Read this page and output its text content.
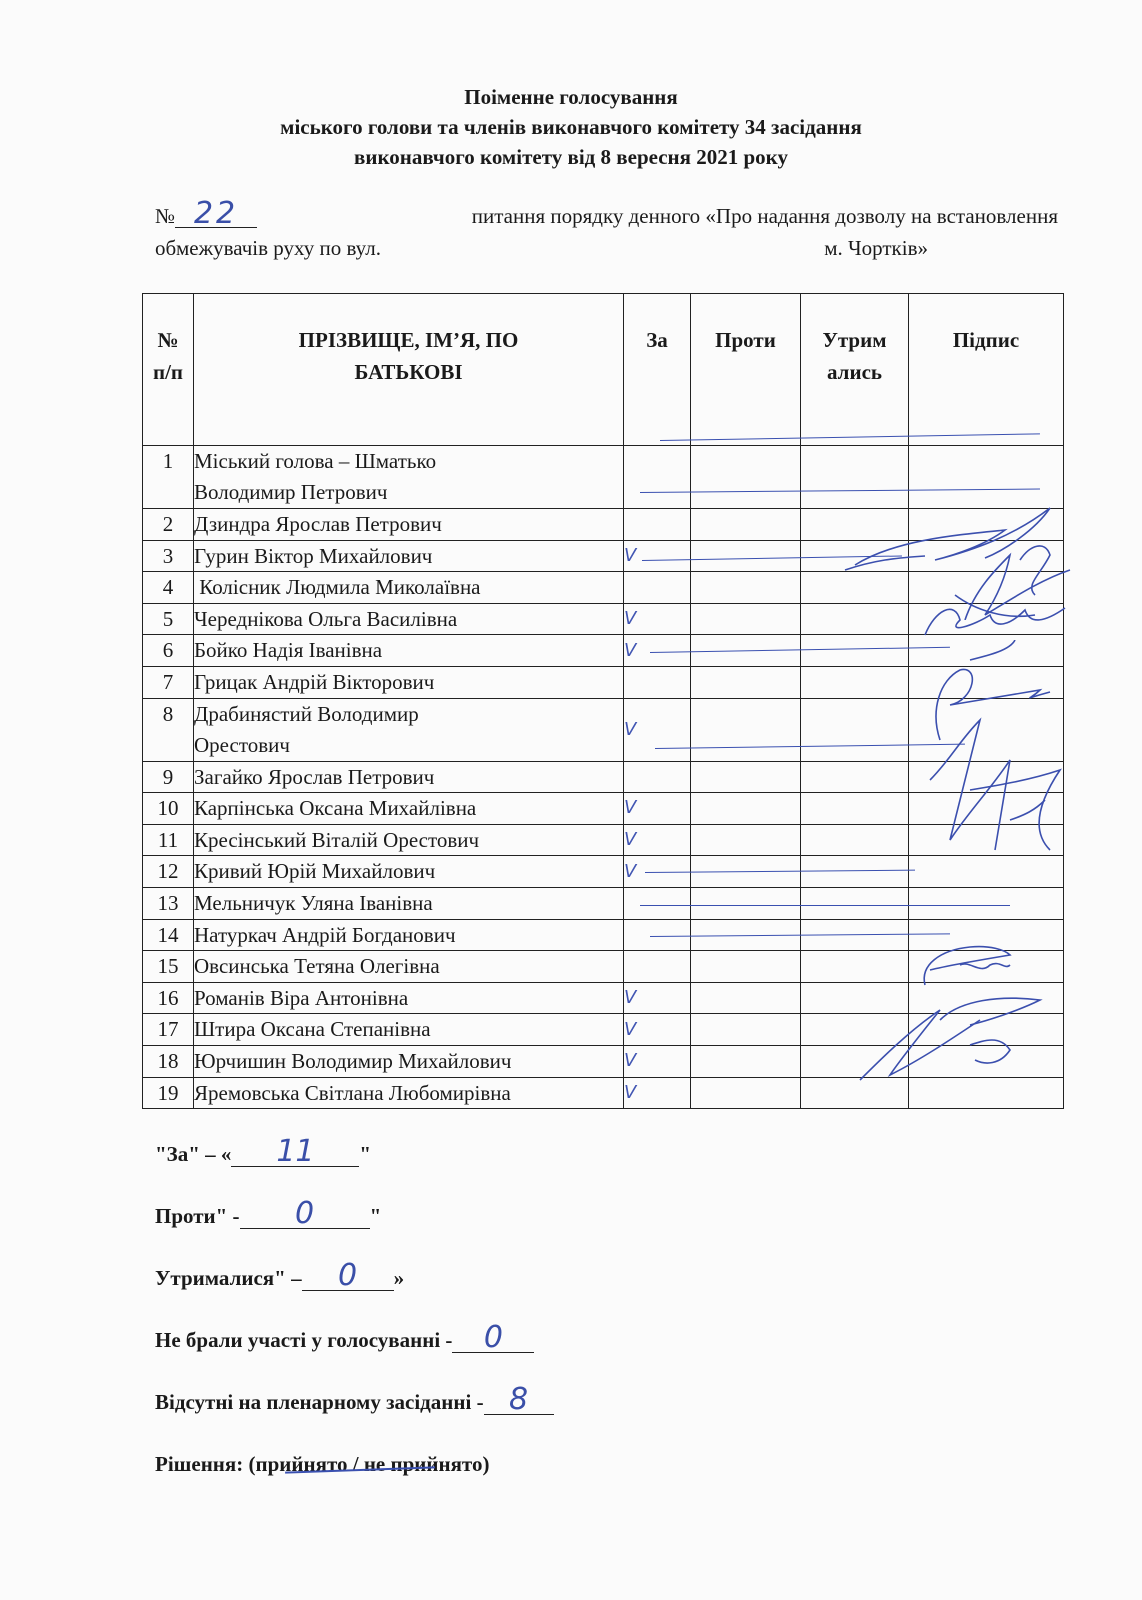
Поіменне голосування
міського голови та членів виконавчого комітету 34 засідання
виконавчого комітету від 8 вересня 2021 року
№ 22	питання порядку денного «Про надання дозволу на встановлення
обмежувачів руху по вул.	м. Чортків»
№ п/п	ПРІЗВИЩЕ, ІМ’Я, ПО БАТЬКОВІ	За	Проти	Утрим ались	Підпис
1	Міський голова – Шматько Володимир Петрович				
2	Дзиндра Ярослав Петрович				
3	Гурин Віктор Михайлович	V			
4	Колісник Людмила Миколаївна				
5	Череднікова Ольга Василівна	V			
6	Бойко Надія Іванівна	V			
7	Грицак Андрій Вікторович				
8	Драбинястий Володимир Орестович	V			
9	Загайко Ярослав Петрович				
10	Карпінська Оксана Михайлівна	V			
11	Кресінський Віталій Орестович	V			
12	Кривий Юрій Михайлович	V			
13	Мельничук Уляна Іванівна				
14	Натуркач Андрій Богданович				
15	Овсинська Тетяна Олегівна				
16	Романів Віра Антонівна	V			
17	Штира Оксана Степанівна	V			
18	Юрчишин Володимир Михайлович	V			
19	Яремовська Світлана Любомирівна	V			
"За" – «	11	"
Проти" -	0	"
Утрималися" –	0	»
Не брали участі у голосуванні -	0
Відсутні на пленарному засіданні - 8
Рішення: (прийнято / не прийнято)
